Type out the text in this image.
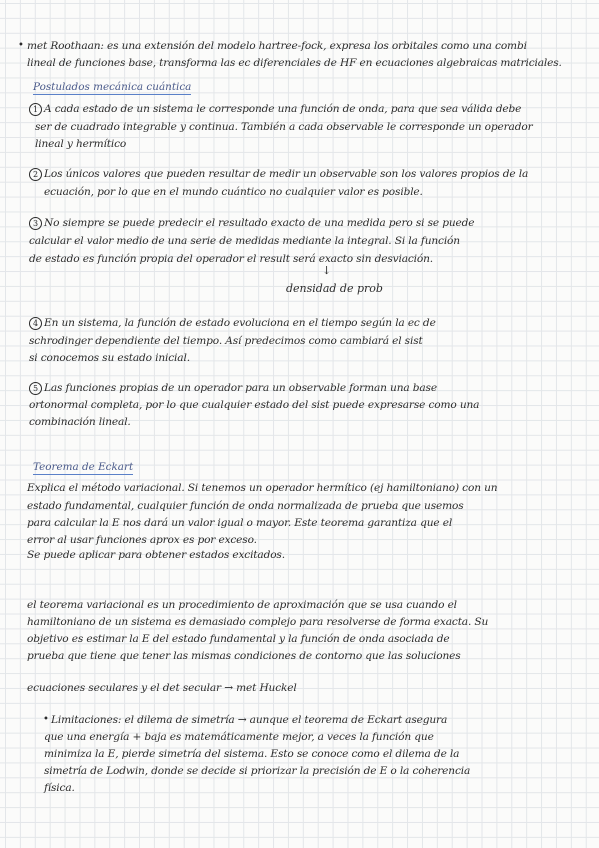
• met Roothaan: es una extensión del modelo hartree-fock, expresa los orbitales como una combi
lineal de funciones base, transforma las ec diferenciales de HF en ecuaciones algebraicas matriciales.
Postulados mecánica cuántica
1 A cada estado de un sistema le corresponde una función de onda, para que sea válida debe
ser de cuadrado integrable y continua. También a cada observable le corresponde un operador
lineal y hermítico
2 Los únicos valores que pueden resultar de medir un observable son los valores propios de la
ecuación, por lo que en el mundo cuántico no cualquier valor es posible.
3 No siempre se puede predecir el resultado exacto de una medida pero si se puede
calcular el valor medio de una serie de medidas mediante la integral. Si la función
de estado es función propia del operador el result será exacto sin desviación.
↓
densidad de prob
4 En un sistema, la función de estado evoluciona en el tiempo según la ec de
schrodinger dependiente del tiempo. Así predecimos como cambiará el sist
si conocemos su estado inicial.
5 Las funciones propias de un operador para un observable forman una base
ortonormal completa, por lo que cualquier estado del sist puede expresarse como una
combinación lineal.
Teorema de Eckart
Explica el método variacional. Si tenemos un operador hermítico (ej hamiltoniano) con un
estado fundamental, cualquier función de onda normalizada de prueba que usemos
para calcular la E nos dará un valor igual o mayor. Este teorema garantiza que el
error al usar funciones aprox es por exceso.
Se puede aplicar para obtener estados excitados.
el teorema variacional es un procedimiento de aproximación que se usa cuando el
hamiltoniano de un sistema es demasiado complejo para resolverse de forma exacta. Su
objetivo es estimar la E del estado fundamental y la función de onda asociada de
prueba que tiene que tener las mismas condiciones de contorno que las soluciones
ecuaciones seculares y el det secular → met Huckel
• Limitaciones: el dilema de simetría → aunque el teorema de Eckart asegura
que una energía + baja es matemáticamente mejor, a veces la función que
minimiza la E, pierde simetría del sistema. Esto se conoce como el dilema de la
simetría de Lodwin, donde se decide si priorizar la precisión de E o la coherencia
física.
